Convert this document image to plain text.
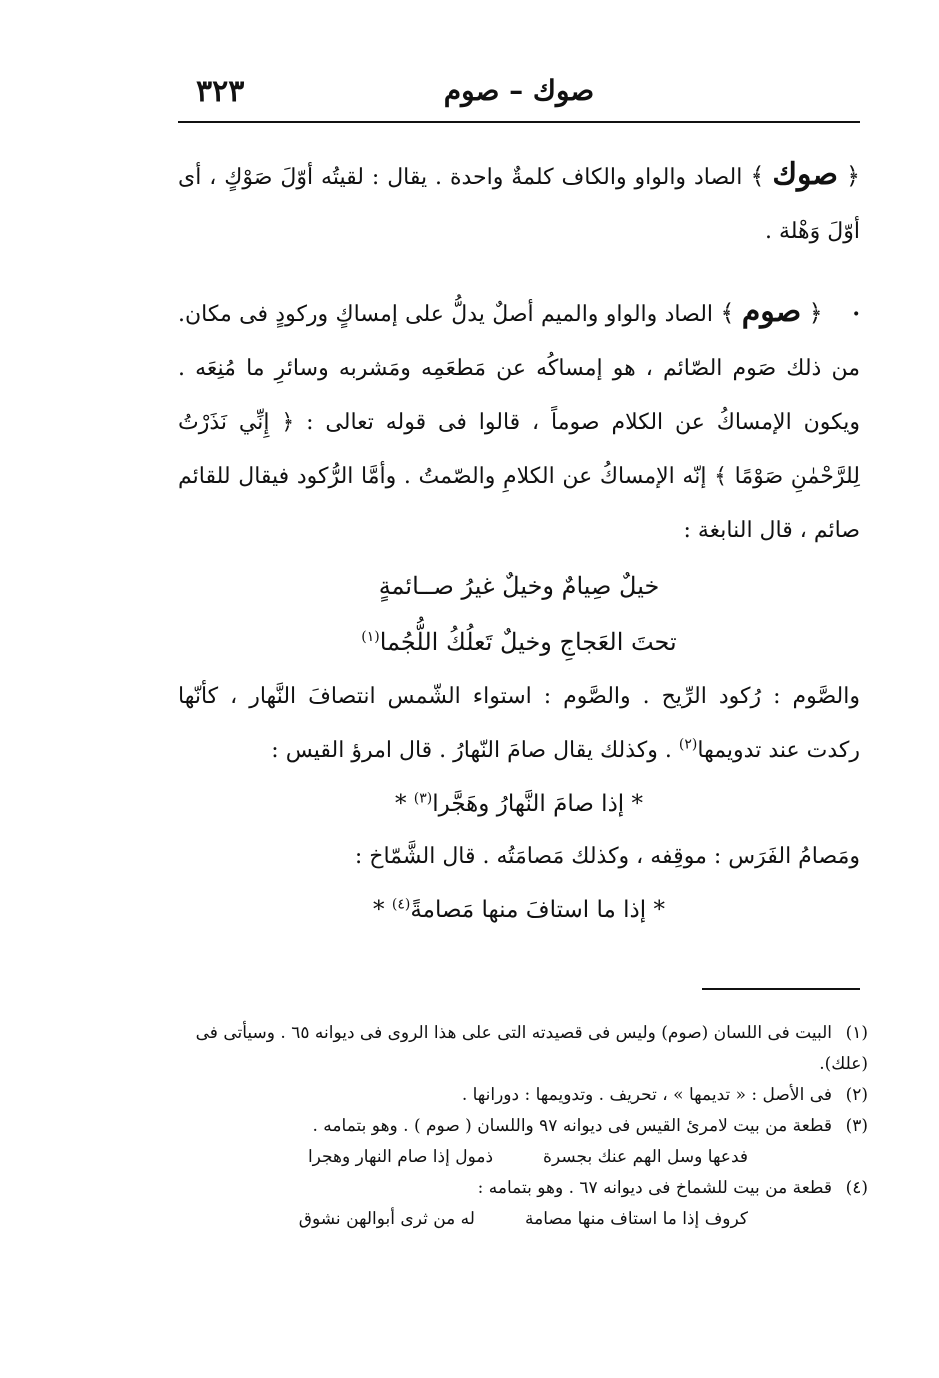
صوك – صوم
٣٢٣

﴿ صوك ﴾ الصاد والواو والكاف كلمةٌ واحدة . يقال : لقيتُه أوّلَ صَوْكٍ ، أى أوّلَ وَهْلة .

· ﴿ صوم ﴾ الصاد والواو والميم أصلٌ يدلُّ على إمساكٍ وركودٍ فى مكان. من ذلك صَوم الصّائم ، هو إمساكُه عن مَطعَمِه ومَشربه وسائرِ ما مُنِعَه . ويكون الإمساكُ عن الكلام صوماً ، قالوا فى قوله تعالى : ﴿ إِنِّي نَذَرْتُ لِلرَّحْمٰنِ صَوْمًا ﴾ إنّه الإمساكُ عن الكلامِ والصّمتُ . وأمَّا الرُّكود فيقال للقائم صائم ، قال النابغة :

خيلٌ صِيامٌ وخيلٌ غيرُ صــائمةٍ
تحتَ العَجاجِ وخيلٌ تَعلُكُ اللُّجُما$^{(١)}$

والصَّوم : رُكود الرِّيح . والصَّوم : استواء الشّمس انتصافَ النَّهار ، كأنّها ركدت عند تدويمها$^{(٢)}$ . وكذلك يقال صامَ النّهارُ . قال امرؤ القيس :

* إذا صامَ النَّهارُ وهَجَّرا$^{(٣)}$ *

ومَصامُ الفَرَس : موقِفه ، وكذلك مَصامَتُه . قال الشَّمّاخ :

* إذا ما استافَ منها مَصامةً$^{(٤)}$ *
(١)البيت فى اللسان (صوم) وليس فى قصيدته التى على هذا الروى فى ديوانه ٦٥ . وسيأتى فى (علك).
(٢)فى الأصل : « تديمها » ، تحريف . وتدويمها : دورانها .
(٣)قطعة من بيت لامرئ القيس فى ديوانه ٩٧ واللسان ( صوم ) . وهو بتمامه .
فدعها وسل الهم عنك بجسرةذمول إذا صام النهار وهجرا
(٤)قطعة من بيت للشماخ فى ديوانه ٦٧ . وهو بتمامه :
كروف إذا ما استاف منها مصامةله من ثرى أبوالهن نشوق
